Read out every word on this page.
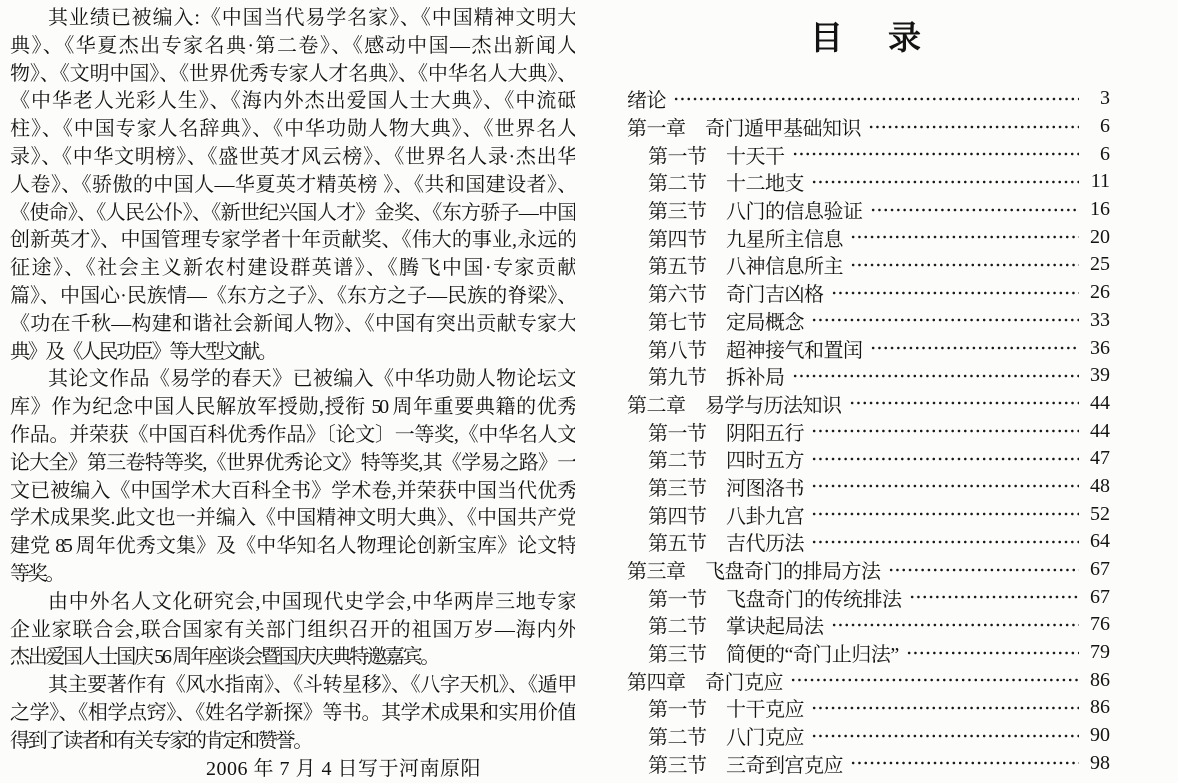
其业绩已被编入:《中国当代易学名家》、《中国精神文明大
典》、《华夏杰出专家名典·第二卷》、《感动中国—杰出新闻人
物》、《文明中国》、《世界优秀专家人才名典》、《中华名人大典》、
《中华老人光彩人生》、《海内外杰出爱国人士大典》、《中流砥
柱》、《中国专家人名辞典》、《中华功勋人物大典》、《世界名人
录》、《中华文明榜》、《盛世英才风云榜》、《世界名人录·杰出华
人卷》、《骄傲的中国人—华夏英才精英榜 》、《共和国建设者》、
《使命》、《人民公仆》、《新世纪兴国人才》金奖、《东方骄子—中国
创新英才》、中国管理专家学者十年贡献奖、《伟大的事业,永远的
征途》、《社会主义新农村建设群英谱》、《腾飞中国·专家贡献
篇》、中国心·民族情—《东方之子》、《东方之子—民族的脊梁》、
《功在千秋—构建和谐社会新闻人物》、《中国有突出贡献专家大
典》及《人民功臣》等大型文献。
其论文作品《易学的春天》已被编入《中华功勋人物论坛文
库》作为纪念中国人民解放军授勋,授衔 50 周年重要典籍的优秀
作品。并荣获《中国百科优秀作品》〔论文〕一等奖,《中华名人文
论大全》第三卷特等奖,《世界优秀论文》特等奖,其《学易之路》一
文已被编入《中国学术大百科全书》学术卷,并荣获中国当代优秀
学术成果奖.此文也一并编入《中国精神文明大典》、《中国共产党
建党 85 周年优秀文集》及《中华知名人物理论创新宝库》论文特
等奖。
由中外名人文化研究会,中国现代史学会,中华两岸三地专家
企业家联合会,联合国家有关部门组织召开的祖国万岁—海内外
杰出爱国人士国庆 56 周年座谈会暨国庆庆典特邀嘉宾。
其主要著作有《风水指南》、《斗转星移》、《八字天机》、《遁甲
之学》、《相学点窍》、《姓名学新探》等书。其学术成果和实用价值
得到了读者和有关专家的肯定和赞誉。
2006 年 7 月 4 日写于河南原阳
目　录
绪论	3
第一章　奇门遁甲基础知识	6
第一节　十天干	6
第二节　十二地支	11
第三节　八门的信息验证	16
第四节　九星所主信息	20
第五节　八神信息所主	25
第六节　奇门吉凶格	26
第七节　定局概念	33
第八节　超神接气和置闰	36
第九节　拆补局	39
第二章　易学与历法知识	44
第一节　阴阳五行	44
第二节　四时五方	47
第三节　河图洛书	48
第四节　八卦九宫	52
第五节　吉代历法	64
第三章　飞盘奇门的排局方法	67
第一节　飞盘奇门的传统排法	67
第二节　掌诀起局法	76
第三节　简便的“奇门止归法”	79
第四章　奇门克应	86
第一节　十干克应	86
第二节　八门克应	90
第三节　三奇到宫克应	98
